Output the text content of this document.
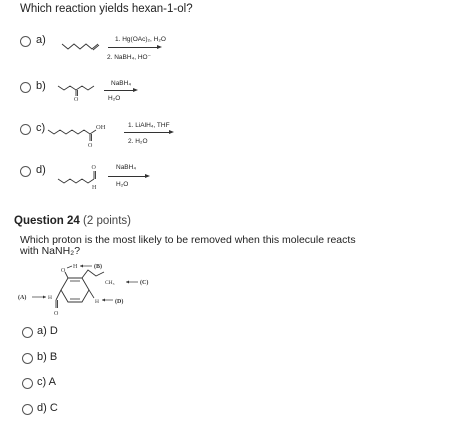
Which reaction yields hexan-1-ol?
a)	1. Hg(OAc)₂, H₂O
2. NaBH₄, HO⁻
b)
O
NaBH₄
H₂O
c)
O
OH	1. LiAlH₄, THF
2. H₂O
d)	O
H
NaBH₄
H₂O
Question 24 (2 points)
Which proton is the most likely to be removed when this molecule reacts with NaNH₂?
O
H	(B)
CH₃	(C)
H	(D)
O
H
(A)
a) D
b) B
c) A
d) C
